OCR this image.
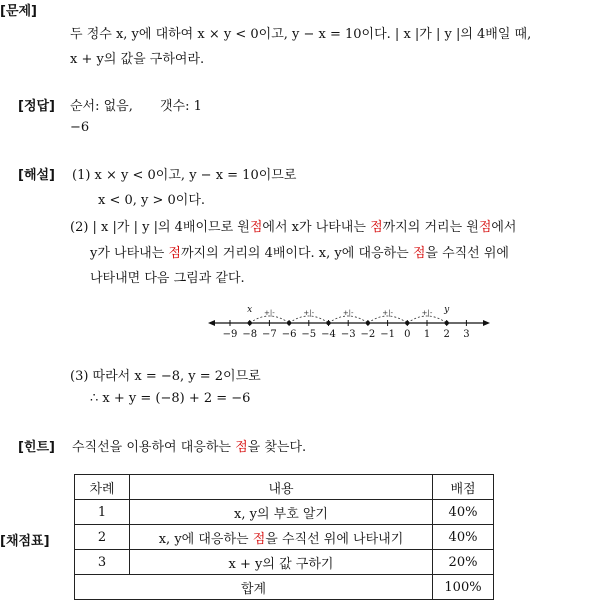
[문제]
두 정수 x, y에 대하여 x × y < 0이고, y − x = 10이다. | x |가 | y |의 4배일 때,
x + y의 값을 구하여라.
[정답] 순서: 없음, 갯수: 1
−6
[해설] (1) x × y < 0이고, y − x = 10이므로
x < 0, y > 0이다.
(2) | x |가 | y |의 4배이므로 원점에서 x가 나타내는 점까지의 거리는 원점에서
y가 나타내는 점까지의 거리의 4배이다. x, y에 대응하는 점을 수직선 위에
나타내면 다음 그림과 같다.
−9 −8 −7 −6 −5 −4 −3 −2 −1 0 1 2 3
+|-	+|-	+|-	+|-	+|-
x	y
(3) 따라서 x = −8, y = 2이므로
∴ x + y = (−8) + 2 = −6
[힌트] 수직선을 이용하여 대응하는 점을 찾는다.
[채점표]
차례	내용	배점
1	x, y의 부호 알기	40%
2	x, y에 대응하는 점을 수직선 위에 나타내기	40%
3	x + y의 값 구하기	20%
합계		100%
